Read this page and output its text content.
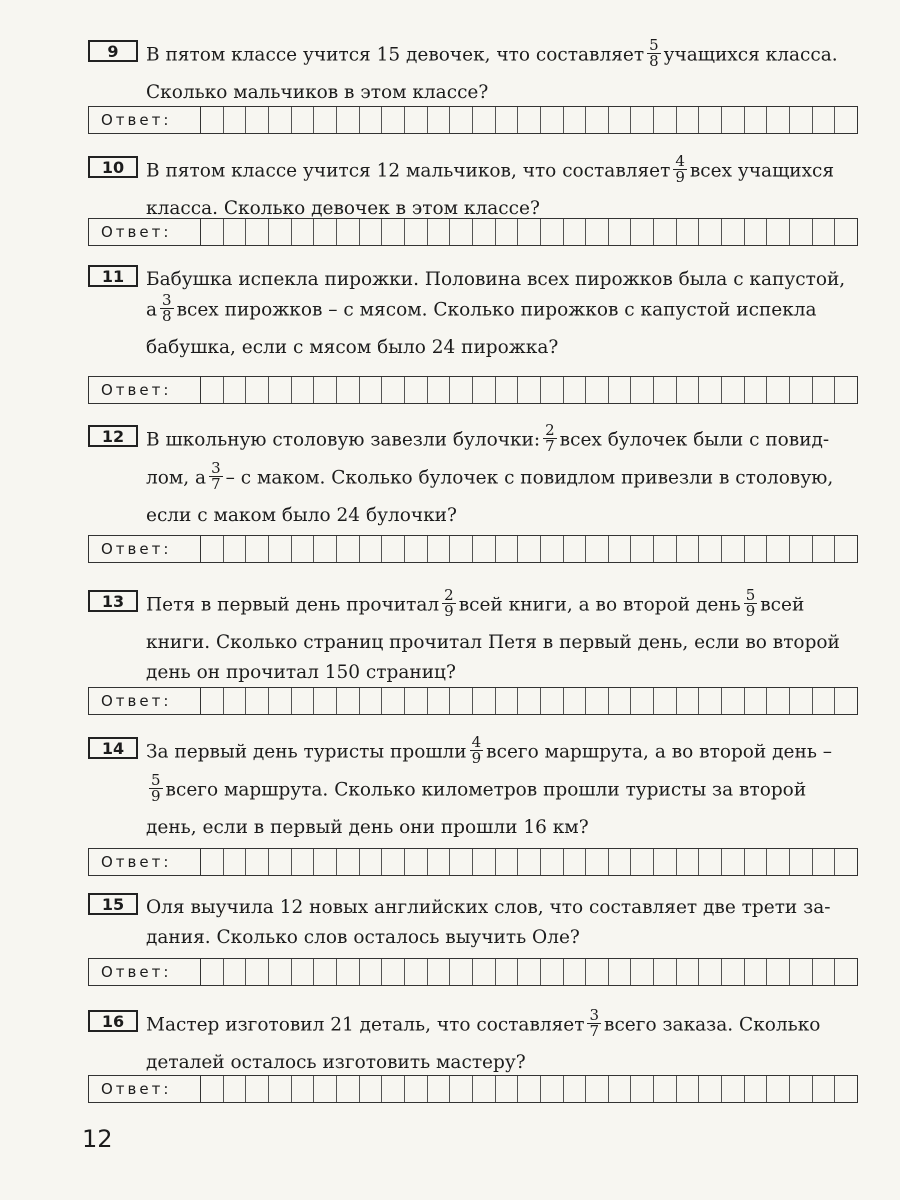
9	В пятом классе учится 15 девочек, что составляет $\frac{5}{8}$ учащихся класса.
Сколько мальчиков в этом классе?
Ответ:
10	В пятом классе учится 12 мальчиков, что составляет $\frac{4}{9}$ всех учащихся
класса. Сколько девочек в этом классе?
Ответ:
11	Бабушка испекла пирожки. Половина всех пирожков была с капустой,
а $\frac{3}{8}$ всех пирожков – с мясом. Сколько пирожков с капустой испекла
бабушка, если с мясом было 24 пирожка?
Ответ:
12	В школьную столовую завезли булочки: $\frac{2}{7}$ всех булочек были с повид-
лом, а $\frac{3}{7}$ – с маком. Сколько булочек с повидлом привезли в столовую,
если с маком было 24 булочки?
Ответ:
13	Петя в первый день прочитал $\frac{2}{9}$ всей книги, а во второй день $\frac{5}{9}$ всей
книги. Сколько страниц прочитал Петя в первый день, если во второй
день он прочитал 150 страниц?
Ответ:
14	За первый день туристы прошли $\frac{4}{9}$ всего маршрута, а во второй день –
$\frac{5}{9}$ всего маршрута. Сколько километров прошли туристы за второй
день, если в первый день они прошли 16 км?
Ответ:
15	Оля выучила 12 новых английских слов, что составляет две трети за-
дания. Сколько слов осталось выучить Оле?
Ответ:
16	Мастер изготовил 21 деталь, что составляет $\frac{3}{7}$ всего заказа. Сколько
деталей осталось изготовить мастеру?
Ответ:
12
